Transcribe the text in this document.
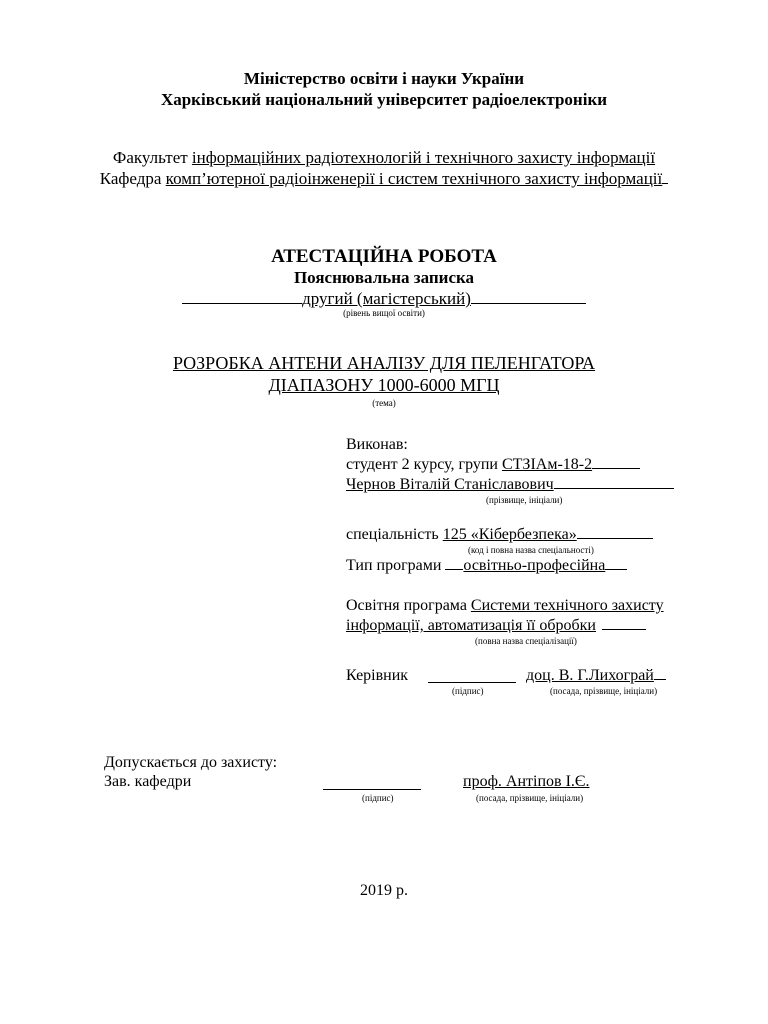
Міністерство освіти і науки України
Харківський національний університет радіоелектроніки
Факультет інформаційних радіотехнологій і технічного захисту інформації
Кафедра комп’ютерної радіоінженерії і систем технічного захисту інформації
АТЕСТАЦІЙНА РОБОТА
Пояснювальна записка
другий (магістерський)
(рівень вищої освіти)
РОЗРОБКА АНТЕНИ АНАЛІЗУ ДЛЯ ПЕЛЕНГАТОРА
ДІАПАЗОНУ 1000-6000 МГЦ
(тема)
Виконав:
студент 2 курсу, групи СТЗІАм-18-2
Чернов Віталій Станіславович
(прізвище, ініціали)
спеціальність 125 «Кібербезпека»
(код і повна назва спеціальності)
Тип програми освітньо-професійна
Освітня програма Системи технічного захисту
інформації, автоматизація її обробки
(повна назва спеціалізації)
Керівник	доц. В. Г.Лихограй
(підпис)	(посада, прізвище, ініціали)
Допускається до захисту:
Зав. кафедри	проф. Антіпов І.Є.
(підпис)	(посада, прізвище, ініціали)
2019 р.
